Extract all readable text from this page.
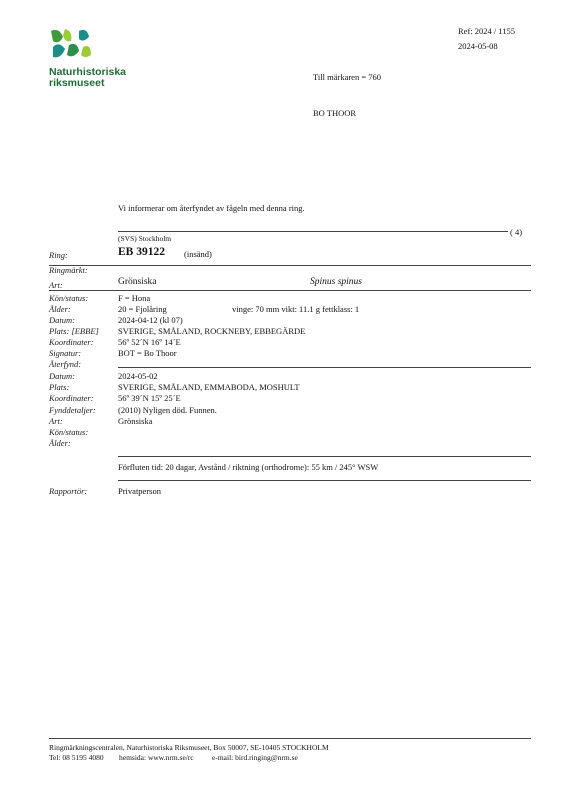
Naturhistoriska
riksmuseet
Ref: 2024 / 1155
2024-05-08
Till märkaren = 760
BO THOOR
Vi informerar om återfyndet av fågeln med denna ring.
( 4)
(SVS) Stockholm
Ring:	EB 39122 (insänd)
Ringmärkt:
Art:	Grönsiska	Spinus spinus
Kön/status:	F = Hona
Ålder:	20 = Fjolåring	vinge: 70 mm vikt: 11.1 g fettklass: 1
Datum:	2024-04-12 (kl 07)
Plats: [EBBE] SVERIGE, SMÅLAND, ROCKNEBY, EBBEGÄRDE
Koordinater:	56º 52´N 16º 14´E
Signatur:	BOT = Bo Thoor
Återfynd:
Datum:	2024-05-02
Plats:	SVERIGE, SMÅLAND, EMMABODA, MOSHULT
Koordinater:	56º 39´N 15º 25´E
Fynddetaljer:	(2010) Nyligen död. Funnen.
Art:	Grönsiska
Kön/status:
Ålder:
Förfluten tid: 20 dagar, Avstånd / riktning (orthodrome): 55 km / 245° WSW
Rapportör:	Privatperson
Ringmärkningscentralen, Naturhistoriska Riksmuseet, Box 50007, SE-10405 STOCKHOLM
Tel: 08 5195 4080 hemsida: www.nrm.se/rc e-mail: bird.ringing@nrm.se
